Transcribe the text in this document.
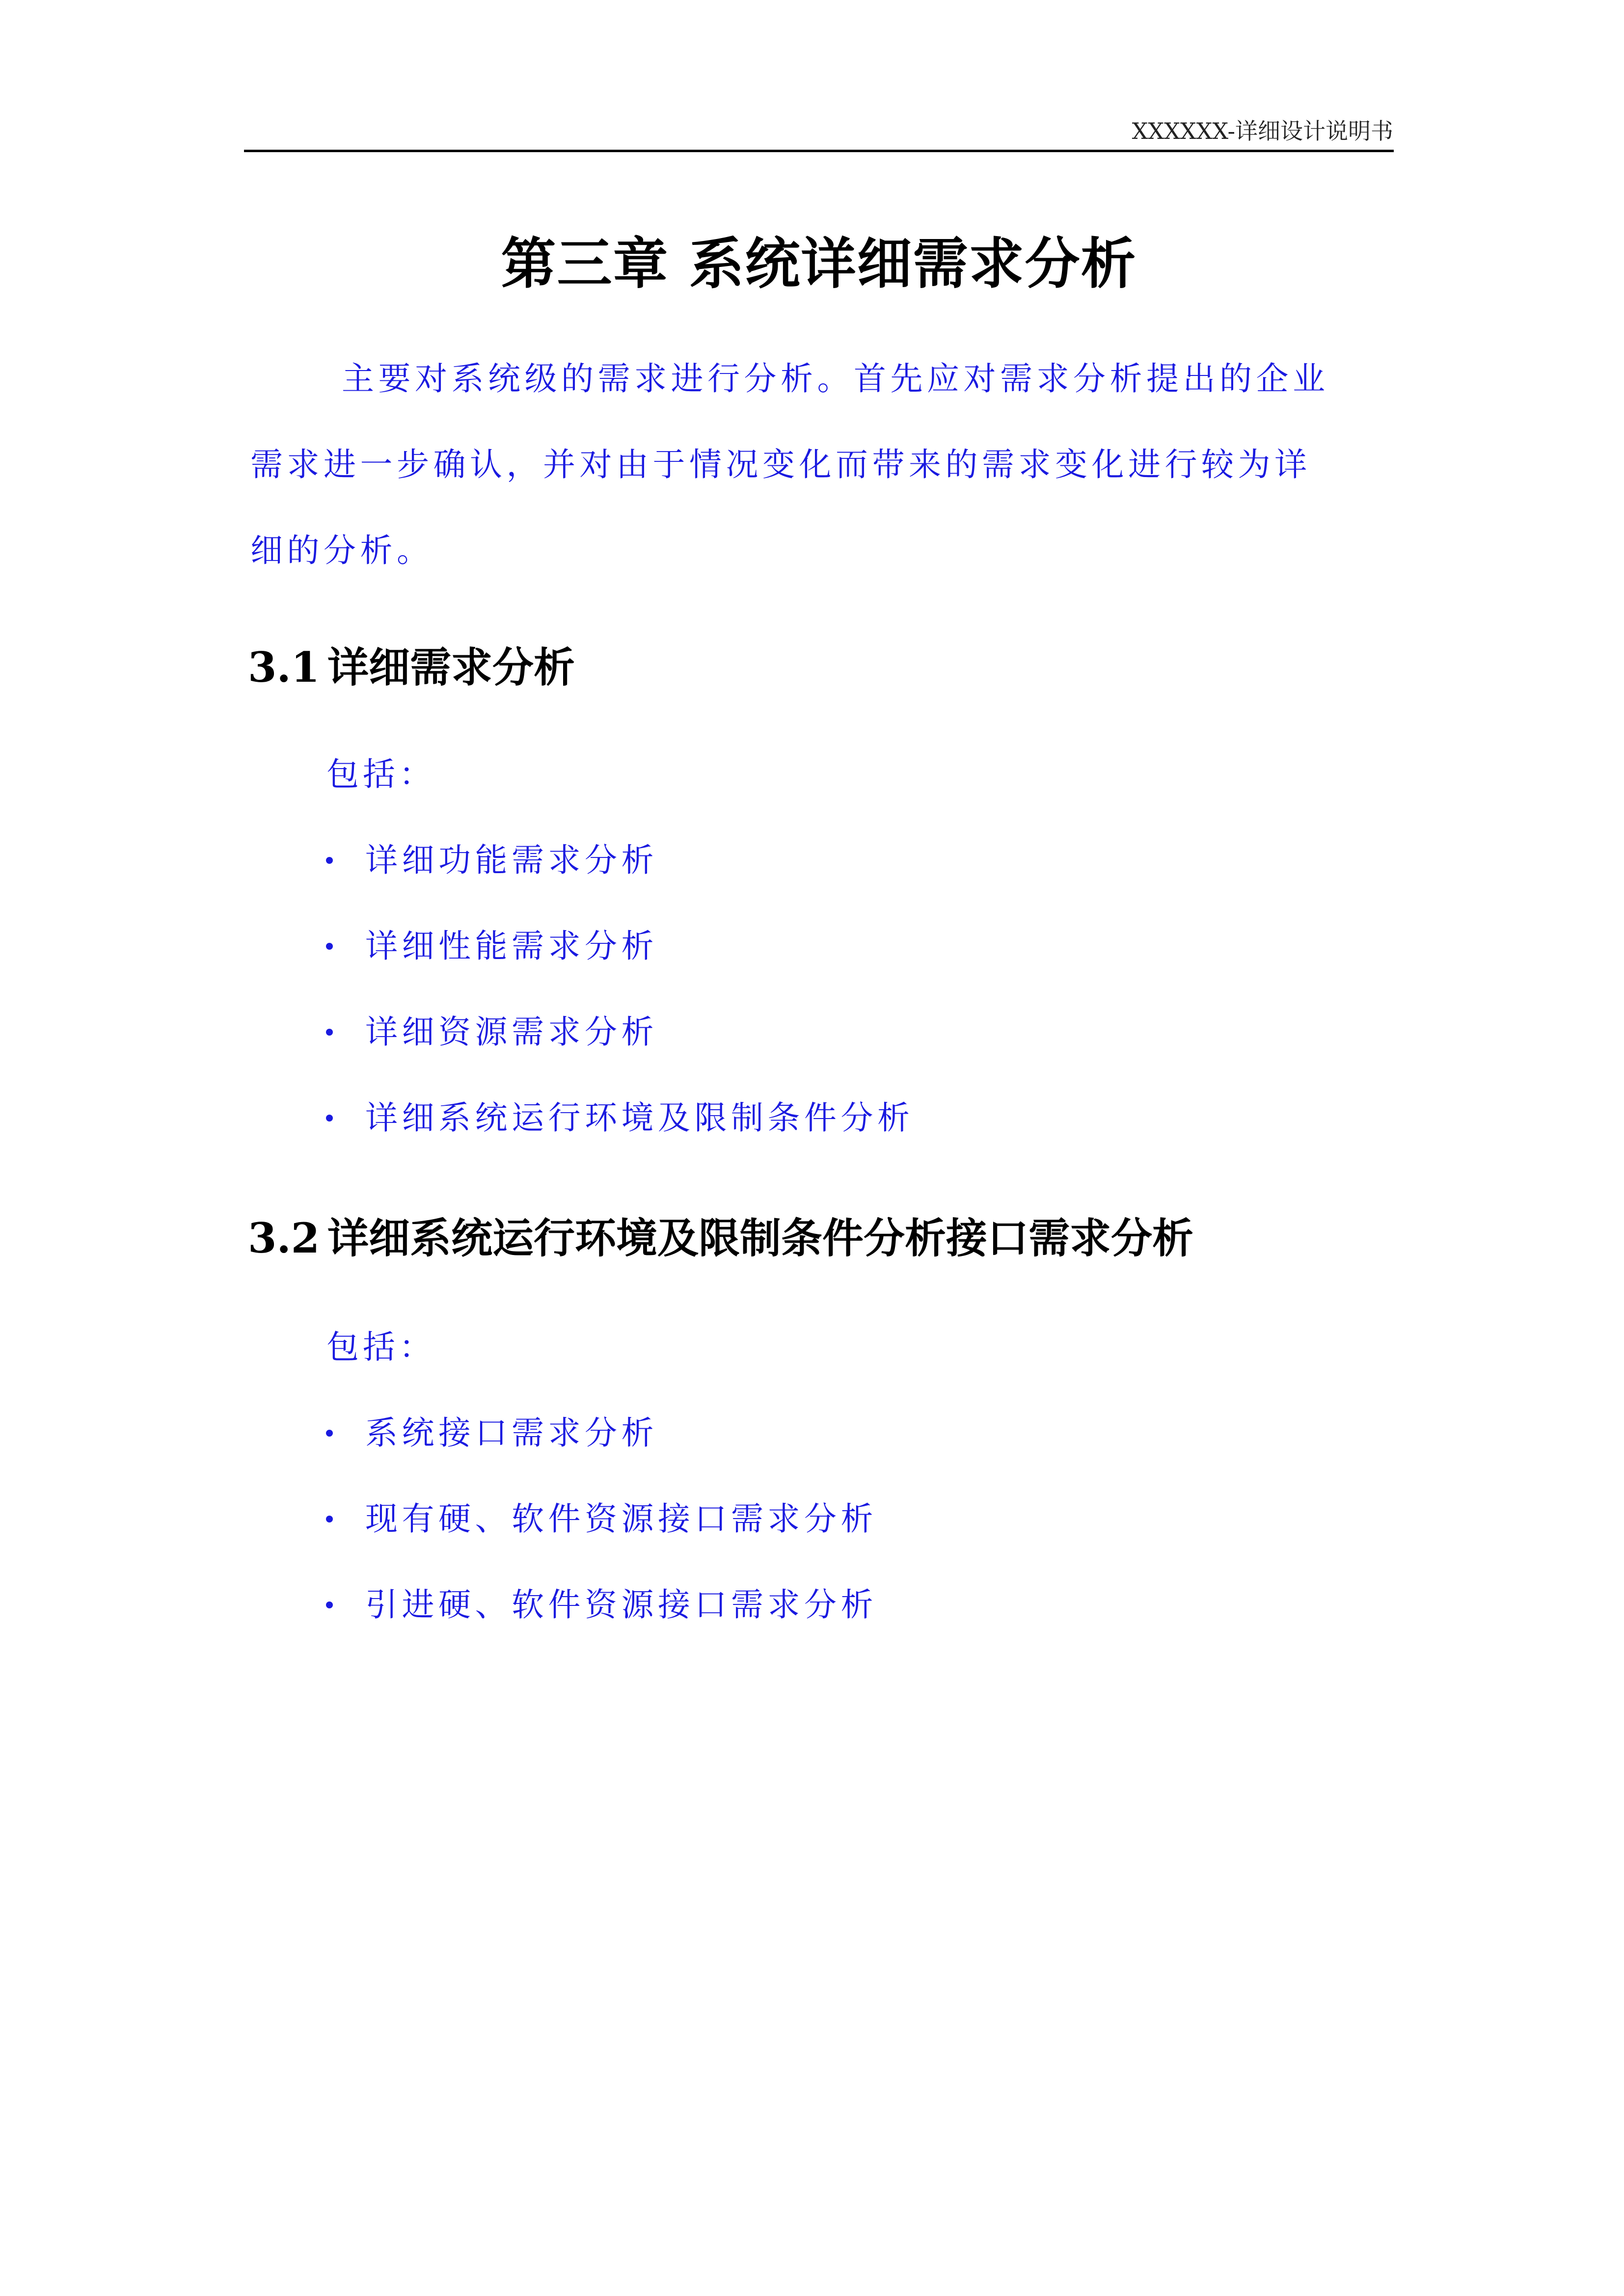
XXXXXX-详细设计说明书
第三章 系统详细需求分析
主要对系统级的需求进行分析。首先应对需求分析提出的企业
需求进一步确认，并对由于情况变化而带来的需求变化进行较为详
细的分析。
3.1 详细需求分析
包括：
详细功能需求分析
详细性能需求分析
详细资源需求分析
详细系统运行环境及限制条件分析
3.2 详细系统运行环境及限制条件分析接口需求分析
包括：
系统接口需求分析
现有硬、软件资源接口需求分析
引进硬、软件资源接口需求分析
